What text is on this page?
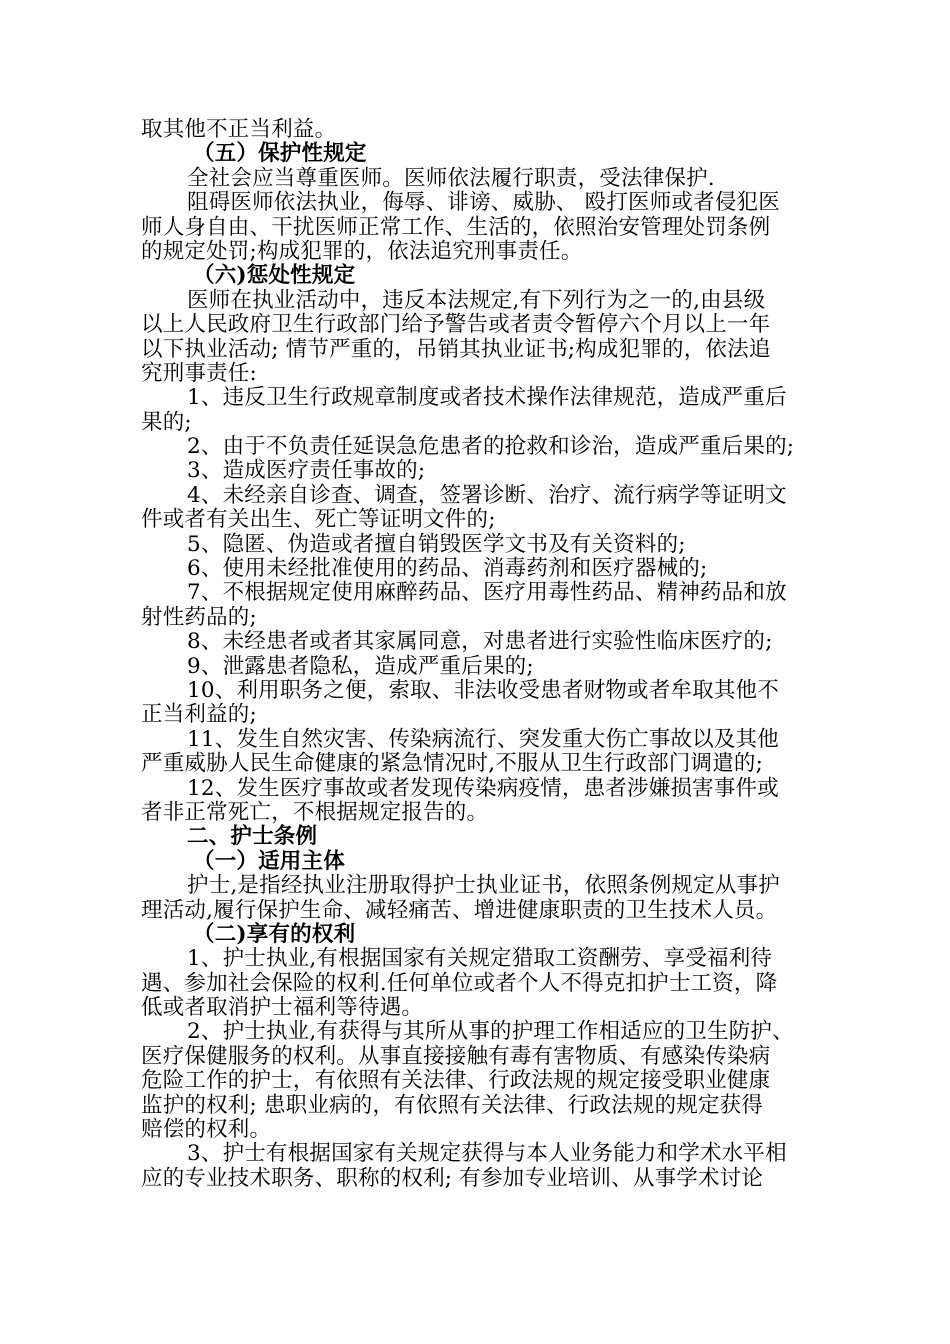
取其他不正当利益。
（五）保护性规定
全社会应当尊重医师。医师依法履行职责，受法律保护.
阻碍医师依法执业，侮辱、诽谤、威胁、 殴打医师或者侵犯医
师人身自由、干扰医师正常工作、生活的，依照治安管理处罚条例
的规定处罚;构成犯罪的，依法追究刑事责任。
（六)惩处性规定
医师在执业活动中，违反本法规定,有下列行为之一的,由县级
以上人民政府卫生行政部门给予警告或者责令暂停六个月以上一年
以下执业活动; 情节严重的，吊销其执业证书;构成犯罪的，依法追
究刑事责任:
1、违反卫生行政规章制度或者技术操作法律规范，造成严重后
果的;
2、由于不负责任延误急危患者的抢救和诊治，造成严重后果的;
3、造成医疗责任事故的;
4、未经亲自诊查、调查，签署诊断、治疗、流行病学等证明文
件或者有关出生、死亡等证明文件的;
5、隐匿、伪造或者擅自销毁医学文书及有关资料的;
6、使用未经批准使用的药品、消毒药剂和医疗器械的;
7、不根据规定使用麻醉药品、医疗用毒性药品、精神药品和放
射性药品的;
8、未经患者或者其家属同意，对患者进行实验性临床医疗的;
9、泄露患者隐私，造成严重后果的;
10、利用职务之便，索取、非法收受患者财物或者牟取其他不
正当利益的;
11、发生自然灾害、传染病流行、突发重大伤亡事故以及其他
严重威胁人民生命健康的紧急情况时,不服从卫生行政部门调遣的;
12、发生医疗事故或者发现传染病疫情，患者涉嫌损害事件或
者非正常死亡，不根据规定报告的。
二、护士条例
（一）适用主体
护士,是指经执业注册取得护士执业证书，依照条例规定从事护
理活动,履行保护生命、减轻痛苦、增进健康职责的卫生技术人员。
（二)享有的权利
1、护士执业,有根据国家有关规定猎取工资酬劳、享受福利待
遇、参加社会保险的权利.任何单位或者个人不得克扣护士工资，降
低或者取消护士福利等待遇。
2、护士执业,有获得与其所从事的护理工作相适应的卫生防护、
医疗保健服务的权利。从事直接接触有毒有害物质、有感染传染病
危险工作的护士，有依照有关法律、行政法规的规定接受职业健康
监护的权利; 患职业病的，有依照有关法律、行政法规的规定获得
赔偿的权利。
3、护士有根据国家有关规定获得与本人业务能力和学术水平相
应的专业技术职务、职称的权利; 有参加专业培训、从事学术讨论
